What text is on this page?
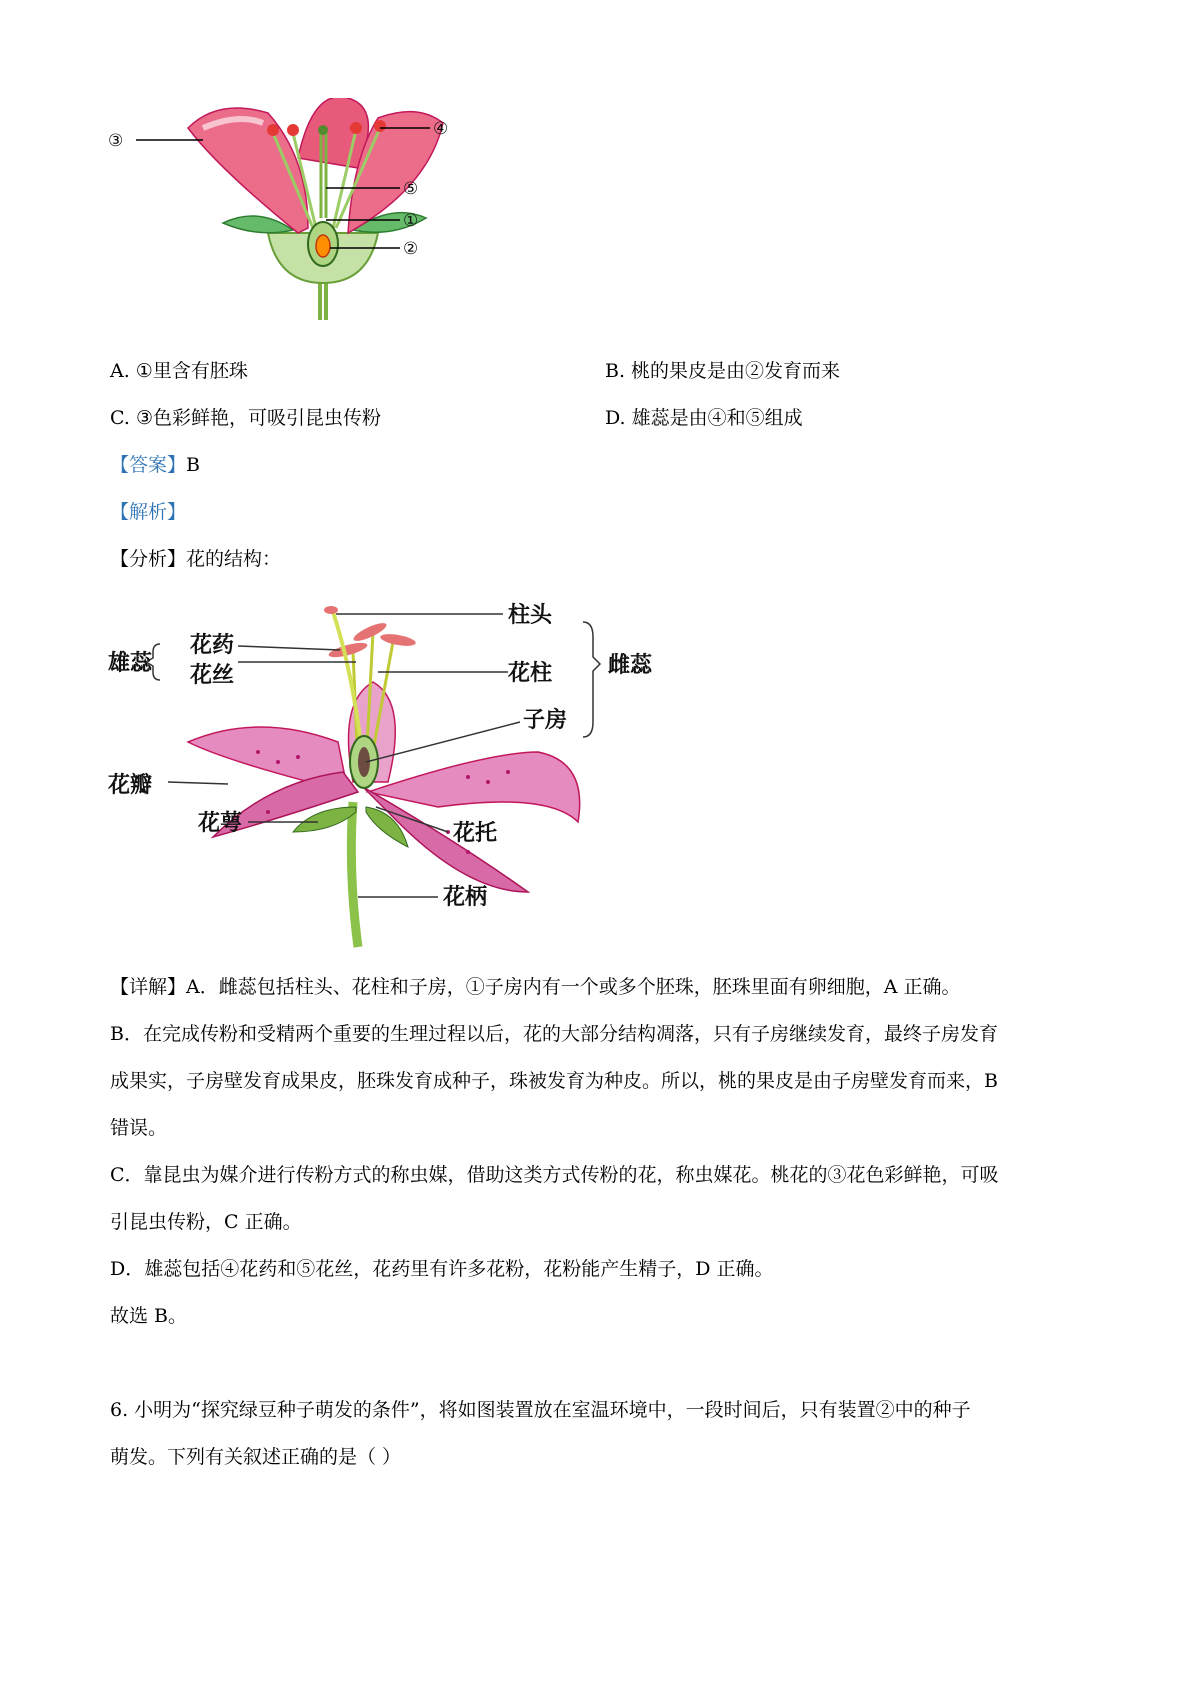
③
④
⑤
①
②
A. ①里含有胚珠	B. 桃的果皮是由②发育而来
C. ③色彩鲜艳，可吸引昆虫传粉	D. 雄蕊是由④和⑤组成
【答案】B
【解析】
【分析】花的结构：
柱头
花药
花柱	雌蕊
雄蕊 花丝
子房
花瓣
花萼	花托
花柄
【详解】A．雌蕊包括柱头、花柱和子房，①子房内有一个或多个胚珠，胚珠里面有卵细胞，A 正确。
B．在完成传粉和受精两个重要的生理过程以后，花的大部分结构凋落，只有子房继续发育，最终子房发育
成果实，子房壁发育成果皮，胚珠发育成种子，珠被发育为种皮。所以，桃的果皮是由子房壁发育而来，B
错误。
C．靠昆虫为媒介进行传粉方式的称虫媒，借助这类方式传粉的花，称虫媒花。桃花的③花色彩鲜艳，可吸
引昆虫传粉，C 正确。
D．雄蕊包括④花药和⑤花丝，花药里有许多花粉，花粉能产生精子，D 正确。
故选 B。
6. 小明为“探究绿豆种子萌发的条件”，将如图装置放在室温环境中，一段时间后，只有装置②中的种子
萌发。下列有关叙述正确的是（ ）
